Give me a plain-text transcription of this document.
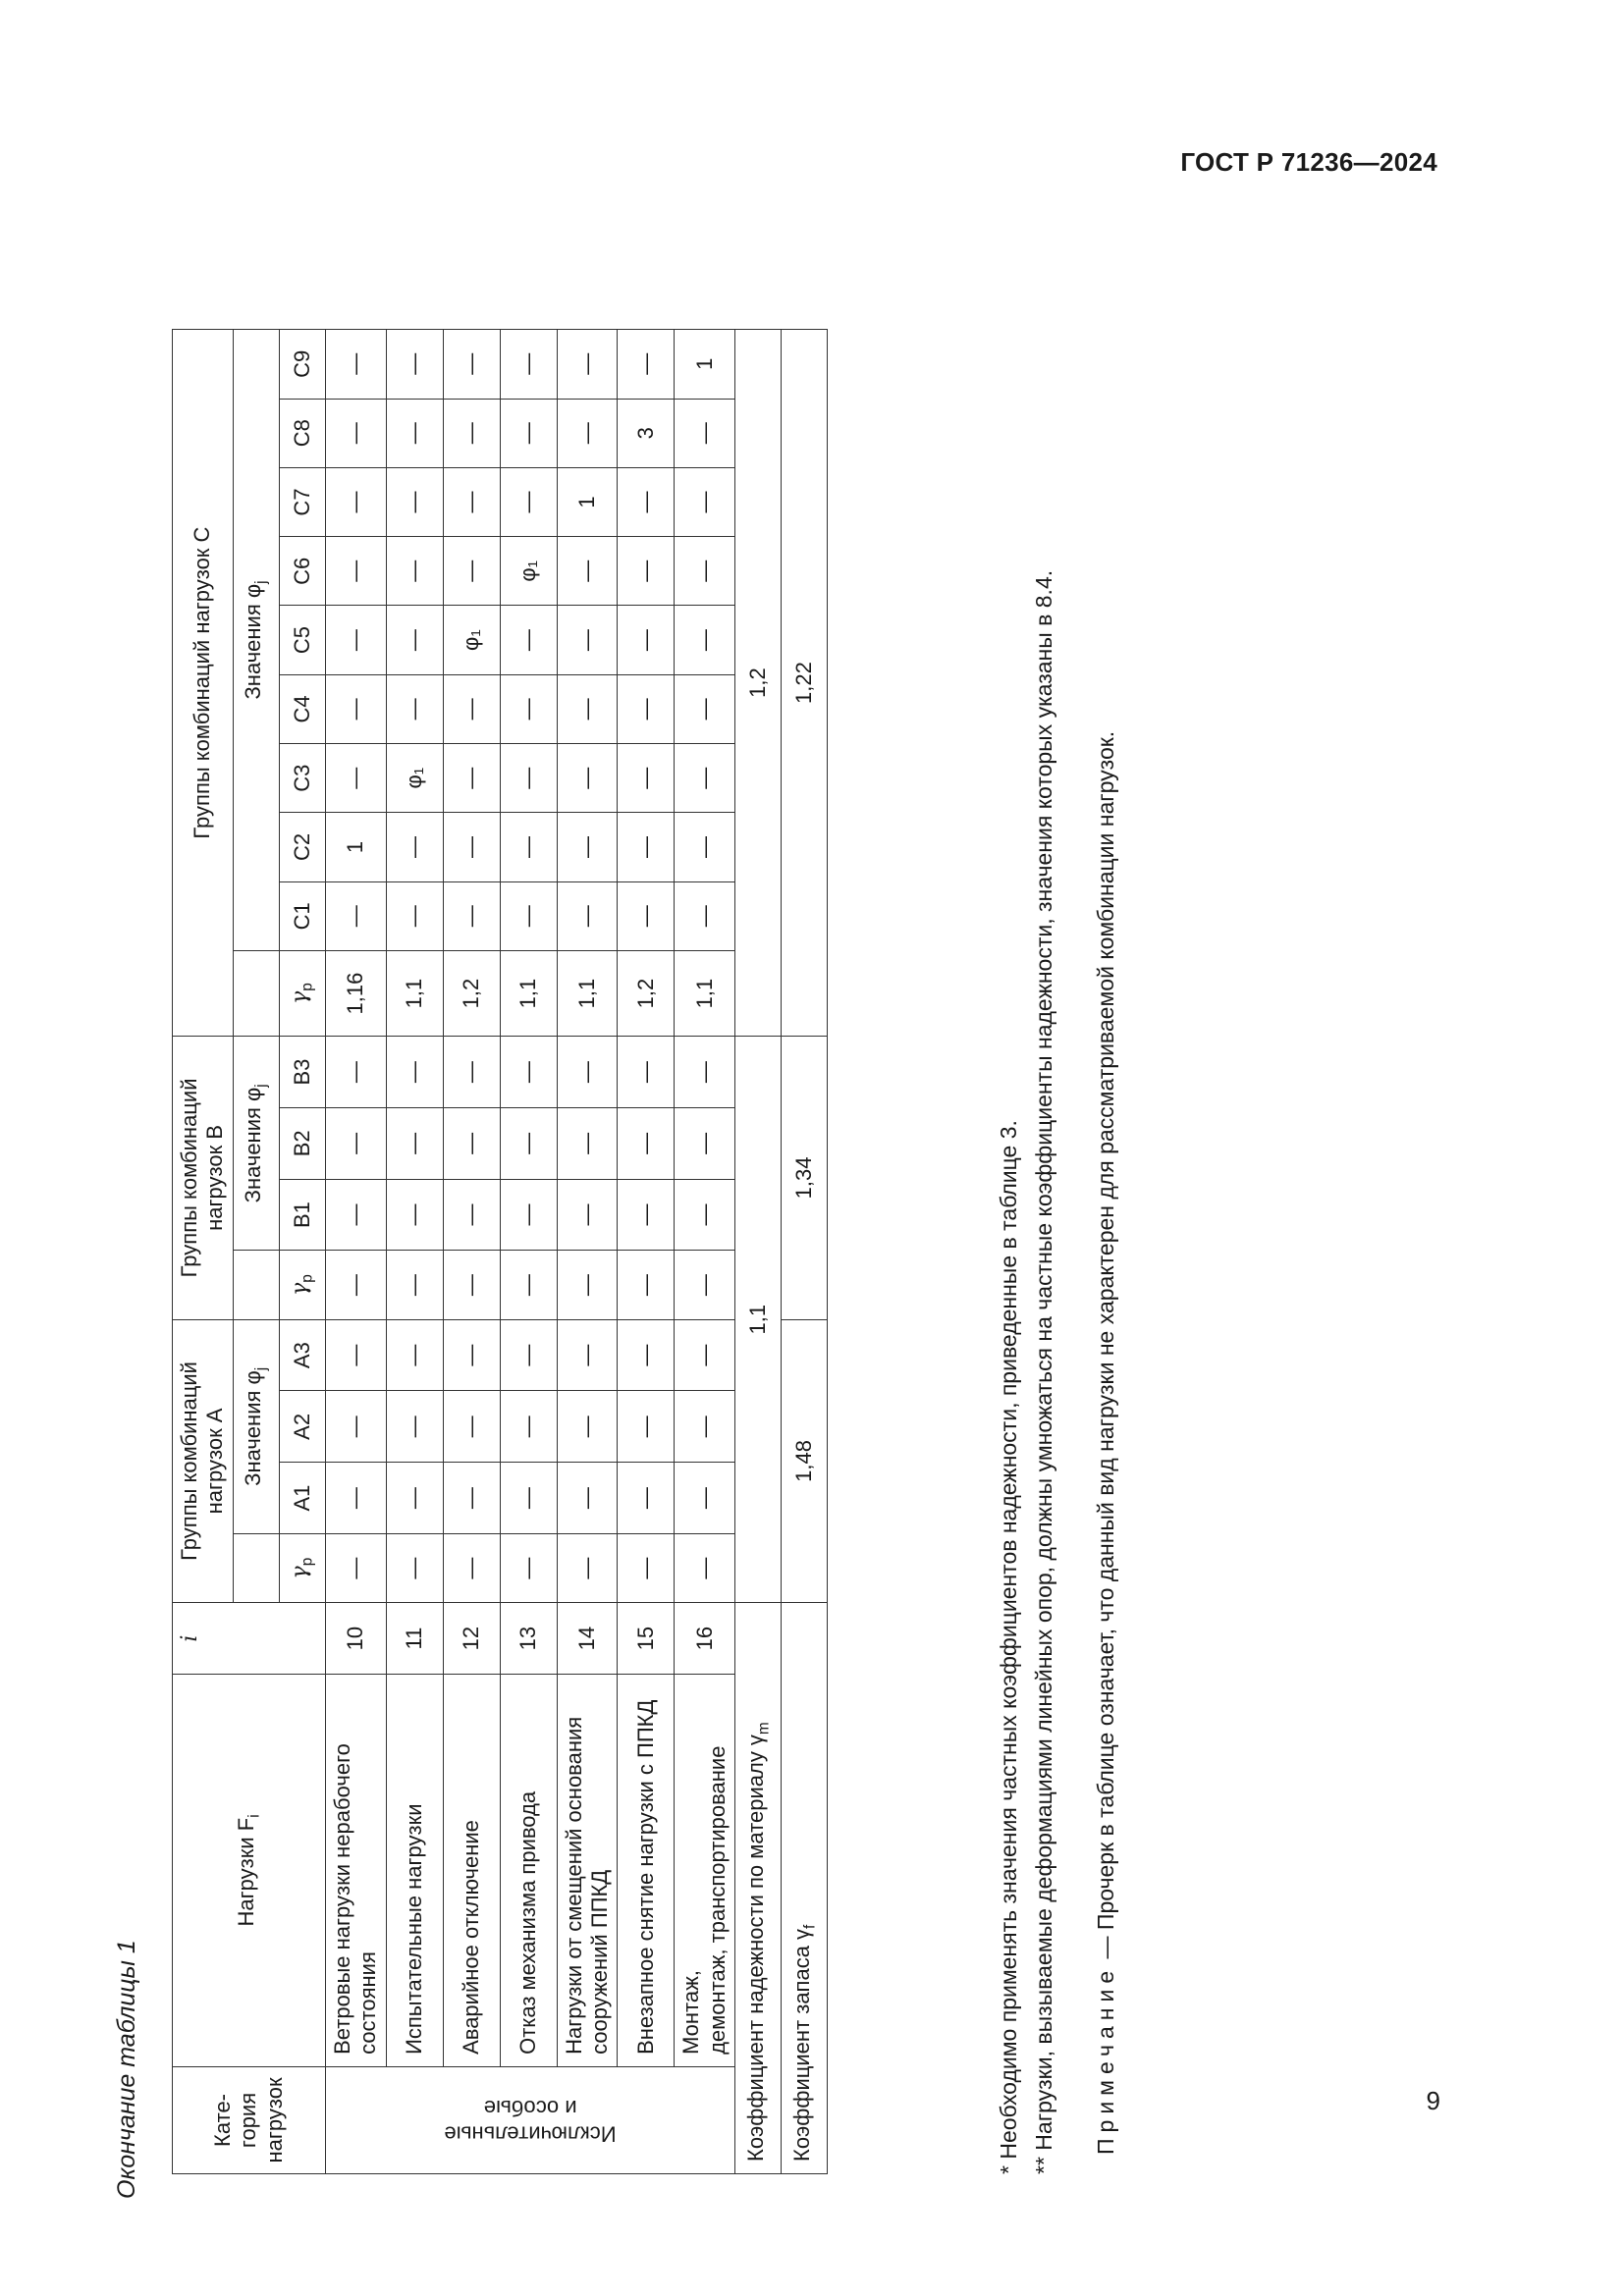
ГОСТ Р 71236—2024
Окончание таблицы 1	Кате-
гория
нагрузок	Нагрузки $F_i$	i	Группы комбинаций
нагрузок А				Группы комбинаций
нагрузок В				Группы комбинаций нагрузок С									
				Значения $\varphi_j$				Значения $\varphi_j$				Значения $\varphi_j$
			$\gamma_p$	A1	A2	A3	$\gamma_p$	B1	B2	B3	$\gamma_p$	C1	C2	C3	C4	C5	C6	C7	C8	C9

Исключительные
и особые	Ветровые нагрузки нерабочего состояния	10	—	—	—	—	—	—	—	—	1,16	—	1	—	—	—	—	—	—	—
	Испытательные нагрузки	11	—	—	—	—	—	—	—	—	1,1	—	—	φ₁	—	—	—	—	—	—
	Аварийное отключение	12	—	—	—	—	—	—	—	—	1,2	—	—	—	—	φ₁	—	—	—	—
	Отказ механизма привода	13	—	—	—	—	—	—	—	—	1,1	—	—	—	—	—	φ₁	—	—	—
	Нагрузки от смещений основания сооружений ППКД	14	—	—	—	—	—	—	—	—	1,1	—	—	—	—	—	—	1	—	—
	Внезапное снятие нагрузки с ППКД	15	—	—	—	—	—	—	—	—	1,2	—	—	—	—	—	—	—	3	—
	Монтаж,
демонтаж, транспортирование	16	—	—	—	—	—	—	—	—	1,1	—	—	—	—	—	—	—	—	1
Коэффициент надежности по материалу $\gamma_m$			1,1								1,2									
Коэффициент запаса $\gamma_f$			1,48				1,34				1,22									

* Необходимо применять значения частных коэффициентов надежности, приведенные в таблице 3. ** Нагрузки, вызываемые деформациями линейных опор, должны умножаться на частные коэффициенты надежности, значения которых указаны в 8.4. Примечание — Прочерк в таблице означает, что данный вид нагрузки не характерен для рассматриваемой комбинации нагрузок.

9
